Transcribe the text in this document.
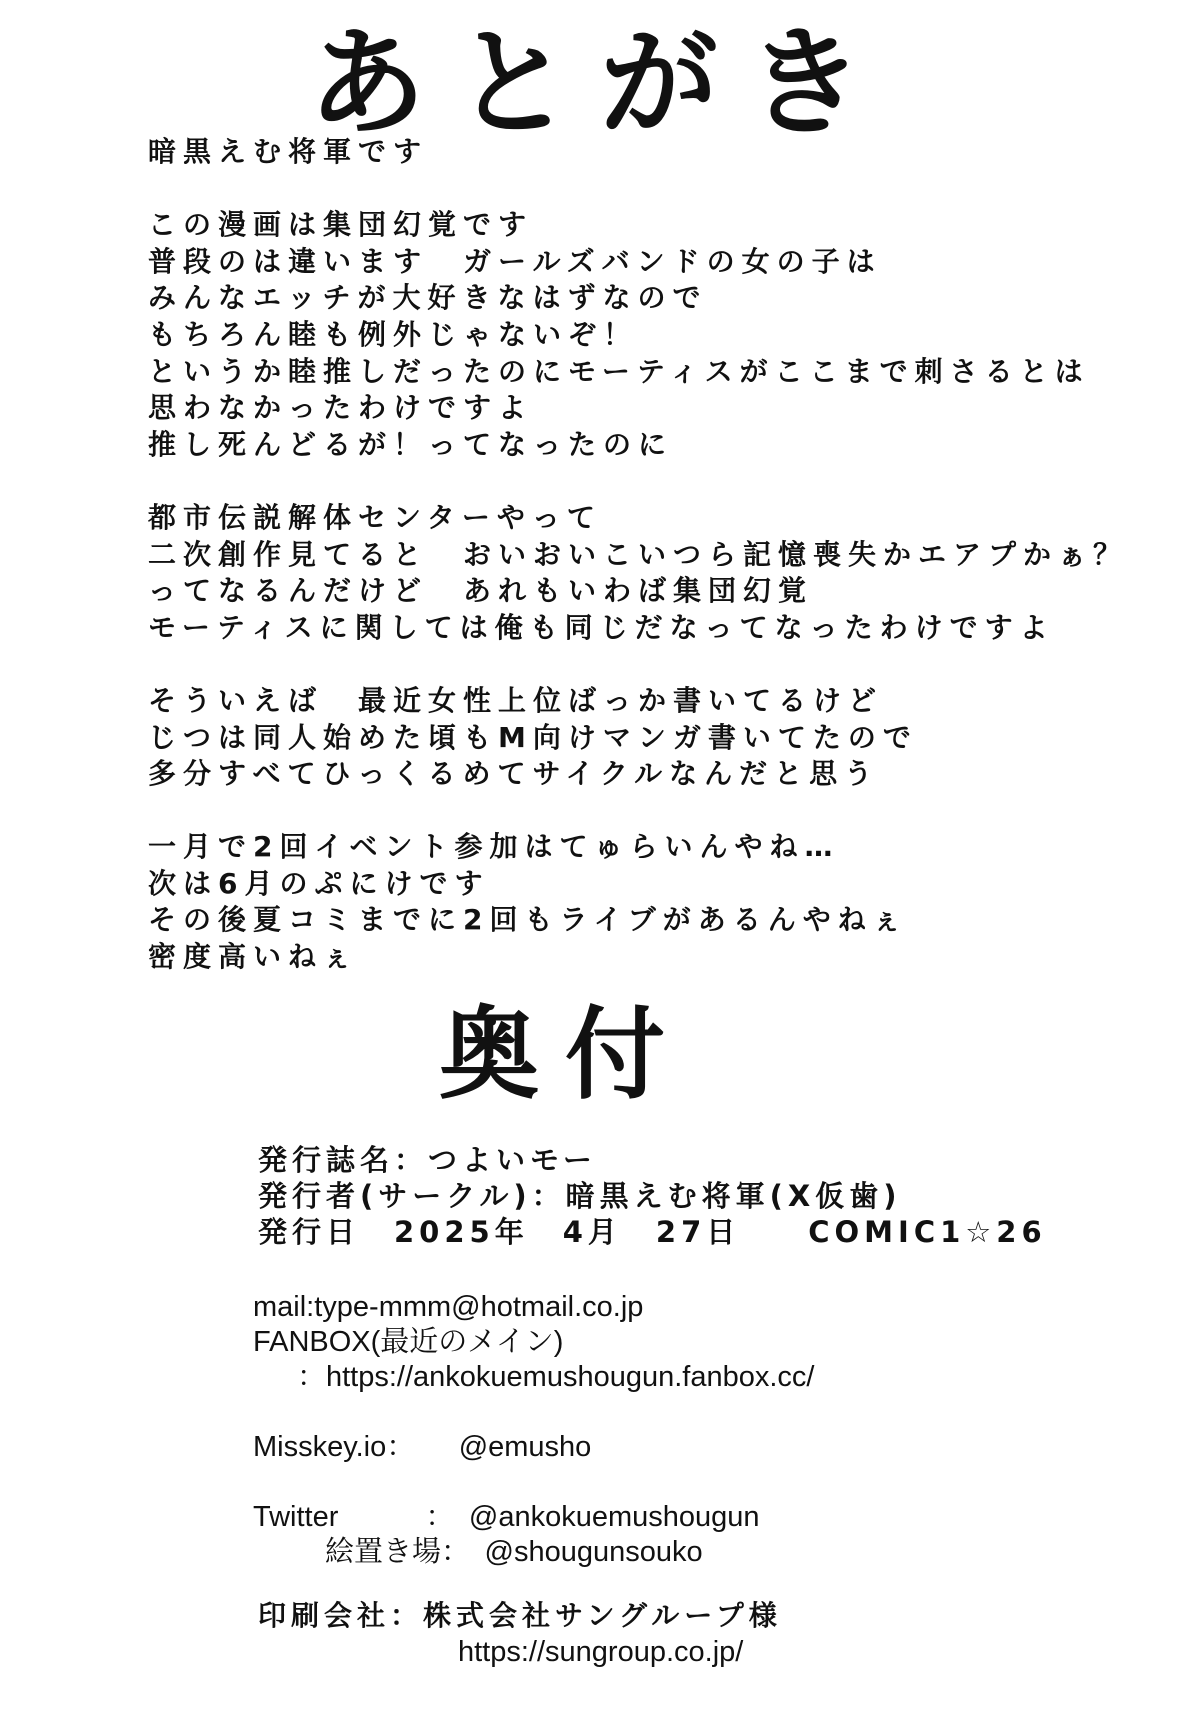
あとがき
暗黒えむ将軍です
この漫画は集団幻覚です
普段のは違います　ガールズバンドの女の子は
みんなエッチが大好きなはずなので
もちろん睦も例外じゃないぞ！
というか睦推しだったのにモーティスがここまで刺さるとは
思わなかったわけですよ
推し死んどるが！ってなったのに
都市伝説解体センターやって
二次創作見てると　おいおいこいつら記憶喪失かエアプかぁ？
ってなるんだけど　あれもいわば集団幻覚
モーティスに関しては俺も同じだなってなったわけですよ
そういえば　最近女性上位ばっか書いてるけど
じつは同人始めた頃もM向けマンガ書いてたので
多分すべてひっくるめてサイクルなんだと思う
一月で2回イベント参加はてゅらいんやね…
次は6月のぷにけです
その後夏コミまでに2回もライブがあるんやねぇ
密度高いねぇ
奥付
発行誌名：つよいモー
発行者(サークル)：暗黒えむ将軍(X仮歯)
発行日　2025年　4月　27日　　COMIC1☆26
mail:type-mmm@hotmail.co.jp
FANBOX(最近のメイン)
：https://ankokuemushougun.fanbox.cc/
Misskey.io：　　@emusho
Twitter　　　：　@ankokuemushougun
絵置き場：　@shougunsouko
印刷会社：株式会社サングループ様
https://sungroup.co.jp/
